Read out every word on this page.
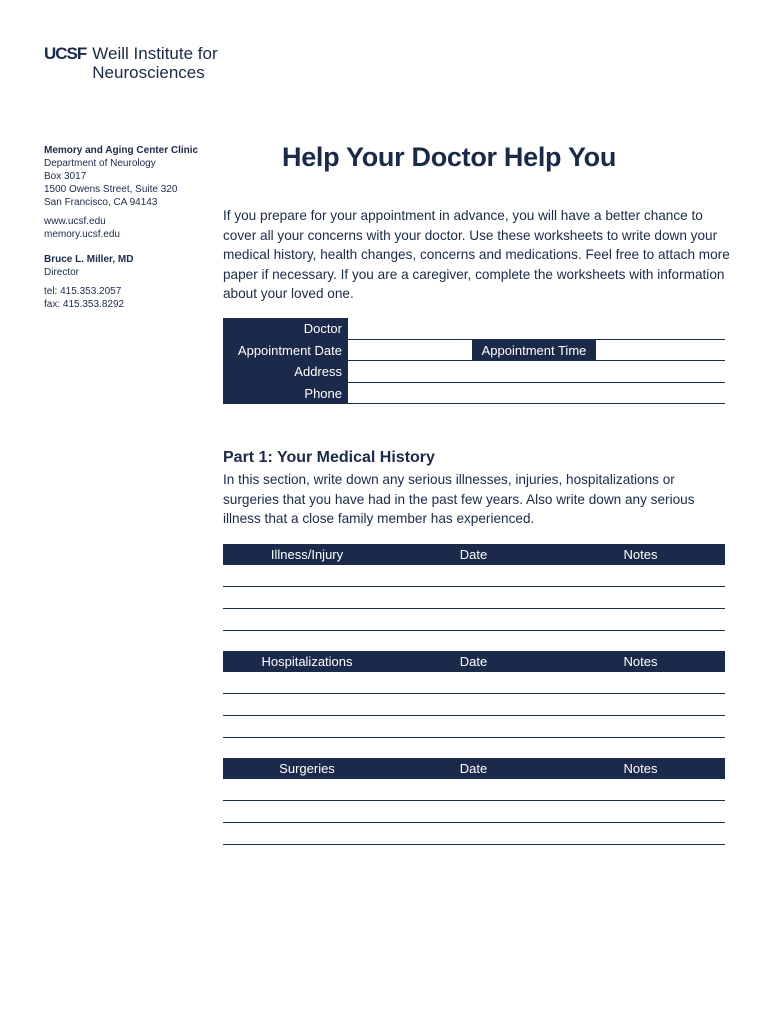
UCSF Weill Institute for
Neurosciences

Memory and Aging Center Clinic

Department of Neurology

Box 3017

1500 Owens Street, Suite 320

San Francisco, CA 94143

www.ucsf.edu

memory.ucsf.edu

Bruce L. Miller, MD

Director

tel: 415.353.2057

fax: 415.353.8292

Help Your Doctor Help You

If you prepare for your appointment in advance, you will have a better chance to cover all your concerns with your doctor. Use these worksheets to write down your medical history, health changes, concerns and medications. Feel free to attach more paper if necessary. If you are a caregiver, complete the worksheets with information about your loved one.

Doctor
Appointment Date	Appointment Time
Address
Phone
Part 1: Your Medical History

In this section, write down any serious illnesses, injuries, hospitalizations or surgeries that you have had in the past few years. Also write down any serious illness that a close family member has experienced.

Illness/Injury	Date	Notes
Hospitalizations	Date	Notes
Surgeries	Date	Notes
